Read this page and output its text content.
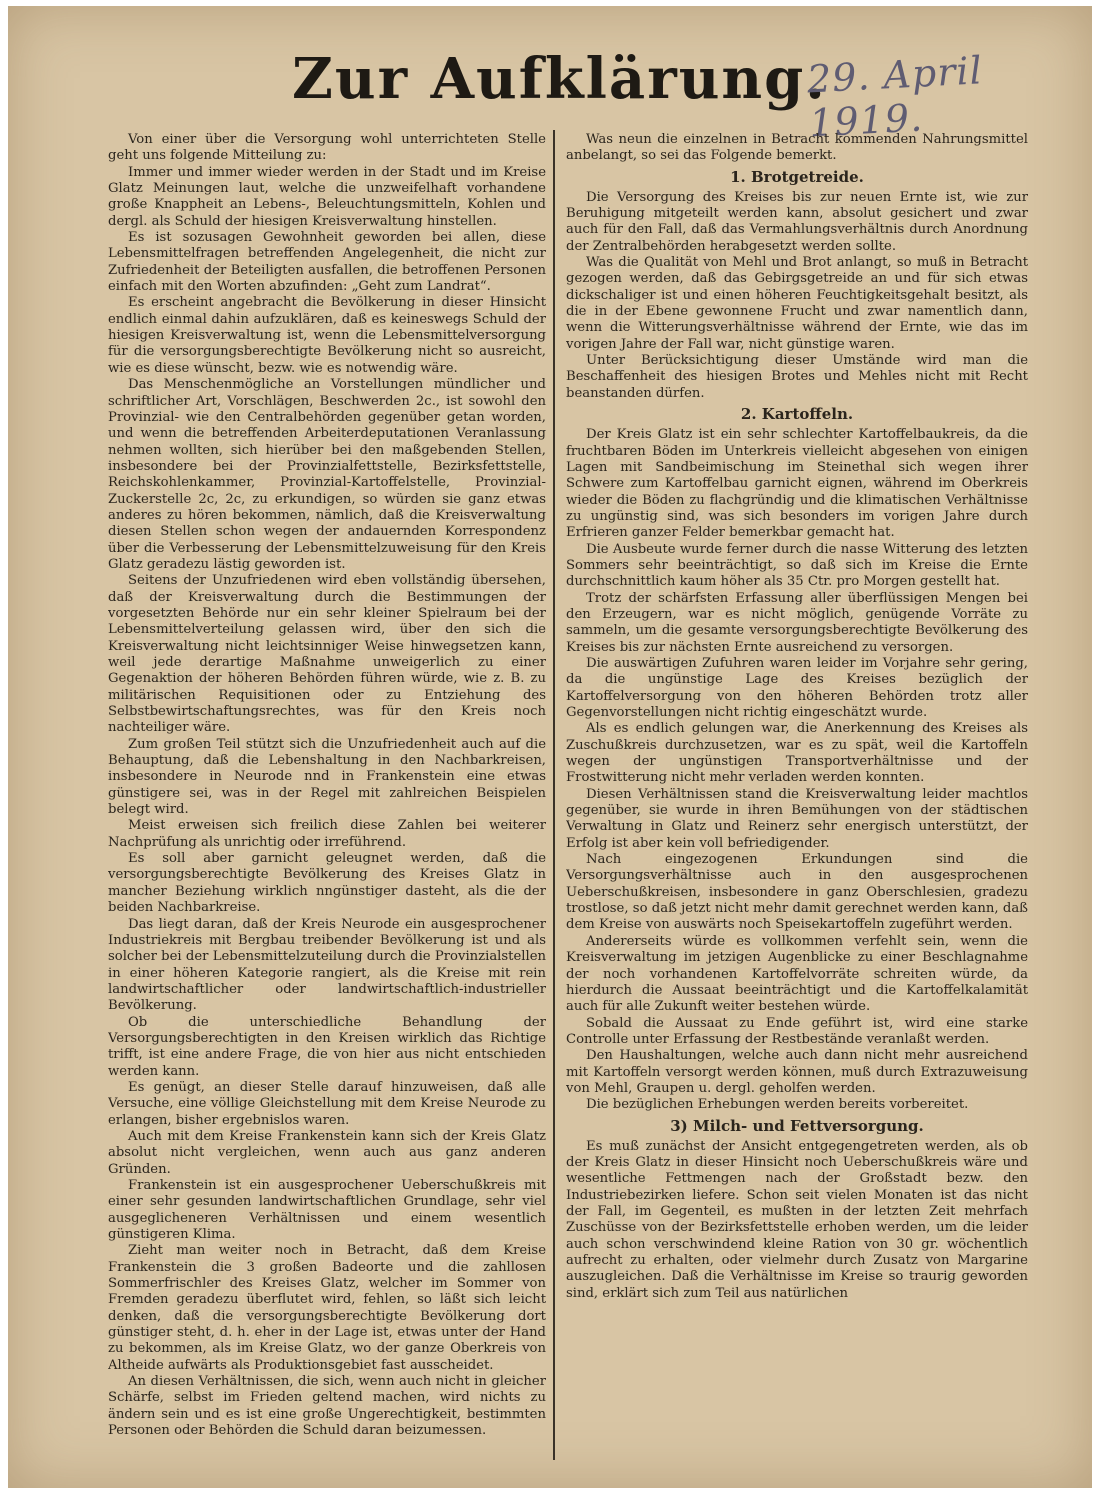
Zur Aufklärung.
29. April 1919.

Von einer über die Versorgung wohl unterrichteten Stelle geht uns folgende Mitteilung zu:

Immer und immer wieder werden in der Stadt und im Kreise Glatz Meinungen laut, welche die unzweifelhaft vorhandene große Knappheit an Lebens-, Beleuchtungsmitteln, Kohlen und dergl. als Schuld der hiesigen Kreisverwaltung hinstellen.

Es ist sozusagen Gewohnheit geworden bei allen, diese Lebensmittelfragen betreffenden Angelegenheit, die nicht zur Zufriedenheit der Beteiligten ausfallen, die betroffenen Personen einfach mit den Worten abzufinden: „Geht zum Landrat“.

Es erscheint angebracht die Bevölkerung in dieser Hinsicht endlich einmal dahin aufzuklären, daß es keineswegs Schuld der hiesigen Kreisverwaltung ist, wenn die Lebensmittelversorgung für die versorgungsberechtigte Bevölkerung nicht so ausreicht, wie es diese wünscht, bezw. wie es notwendig wäre.

Das Menschenmögliche an Vorstellungen mündlicher und schriftlicher Art, Vorschlägen, Beschwerden 2c., ist sowohl den Provinzial- wie den Centralbehörden gegenüber getan worden, und wenn die betreffenden Arbeiterdeputationen Veranlassung nehmen wollten, sich hierüber bei den maßgebenden Stellen, insbesondere bei der Provinzialfettstelle, Bezirksfettstelle, Reichskohlenkammer, Provinzial-Kartoffelstelle, Provinzial-Zuckerstelle 2c, 2c, zu erkundigen, so würden sie ganz etwas anderes zu hören bekommen, nämlich, daß die Kreisverwaltung diesen Stellen schon wegen der andauernden Korrespondenz über die Verbesserung der Lebensmittelzuweisung für den Kreis Glatz geradezu lästig geworden ist.

Seitens der Unzufriedenen wird eben vollständig übersehen, daß der Kreisverwaltung durch die Bestimmungen der vorgesetzten Behörde nur ein sehr kleiner Spielraum bei der Lebensmittelverteilung gelassen wird, über den sich die Kreisverwaltung nicht leichtsinniger Weise hinwegsetzen kann, weil jede derartige Maßnahme unweigerlich zu einer Gegenaktion der höheren Behörden führen würde, wie z. B. zu militärischen Requisitionen oder zu Entziehung des Selbstbewirtschaftungsrechtes, was für den Kreis noch nachteiliger wäre.

Zum großen Teil stützt sich die Unzufriedenheit auch auf die Behauptung, daß die Lebenshaltung in den Nachbarkreisen, insbesondere in Neurode nnd in Frankenstein eine etwas günstigere sei, was in der Regel mit zahlreichen Beispielen belegt wird.

Meist erweisen sich freilich diese Zahlen bei weiterer Nachprüfung als unrichtig oder irreführend.

Es soll aber garnicht geleugnet werden, daß die versorgungsberechtigte Bevölkerung des Kreises Glatz in mancher Beziehung wirklich nngünstiger dasteht, als die der beiden Nachbarkreise.

Das liegt daran, daß der Kreis Neurode ein ausgesprochener Industriekreis mit Bergbau treibender Bevölkerung ist und als solcher bei der Lebensmittelzuteilung durch die Provinzialstellen in einer höheren Kategorie rangiert, als die Kreise mit rein landwirtschaftlicher oder landwirtschaftlich-industrieller Bevölkerung.

Ob die unterschiedliche Behandlung der Versorgungsberechtigten in den Kreisen wirklich das Richtige trifft, ist eine andere Frage, die von hier aus nicht entschieden werden kann.

Es genügt, an dieser Stelle darauf hinzuweisen, daß alle Versuche, eine völlige Gleichstellung mit dem Kreise Neurode zu erlangen, bisher ergebnislos waren.

Auch mit dem Kreise Frankenstein kann sich der Kreis Glatz absolut nicht vergleichen, wenn auch aus ganz anderen Gründen.

Frankenstein ist ein ausgesprochener Ueberschußkreis mit einer sehr gesunden landwirtschaftlichen Grundlage, sehr viel ausgeglicheneren Verhältnissen und einem wesentlich günstigeren Klima.

Zieht man weiter noch in Betracht, daß dem Kreise Frankenstein die 3 großen Badeorte und die zahllosen Sommerfrischler des Kreises Glatz, welcher im Sommer von Fremden geradezu überflutet wird, fehlen, so läßt sich leicht denken, daß die versorgungsberechtigte Bevölkerung dort günstiger steht, d. h. eher in der Lage ist, etwas unter der Hand zu bekommen, als im Kreise Glatz, wo der ganze Oberkreis von Altheide aufwärts als Produktionsgebiet fast ausscheidet.

An diesen Verhältnissen, die sich, wenn auch nicht in gleicher Schärfe, selbst im Frieden geltend machen, wird nichts zu ändern sein und es ist eine große Ungerechtigkeit, bestimmten Personen oder Behörden die Schuld daran beizumessen.

Was neun die einzelnen in Betracht kommenden Nahrungsmittel anbelangt, so sei das Folgende bemerkt.

1. Brotgetreide.

Die Versorgung des Kreises bis zur neuen Ernte ist, wie zur Beruhigung mitgeteilt werden kann, absolut gesichert und zwar auch für den Fall, daß das Vermahlungsverhältnis durch Anordnung der Zentralbehörden herabgesetzt werden sollte.

Was die Qualität von Mehl und Brot anlangt, so muß in Betracht gezogen werden, daß das Gebirgsgetreide an und für sich etwas dickschaliger ist und einen höheren Feuchtigkeitsgehalt besitzt, als die in der Ebene gewonnene Frucht und zwar namentlich dann, wenn die Witterungsverhältnisse während der Ernte, wie das im vorigen Jahre der Fall war, nicht günstige waren.

Unter Berücksichtigung dieser Umstände wird man die Beschaffenheit des hiesigen Brotes und Mehles nicht mit Recht beanstanden dürfen.

2. Kartoffeln.

Der Kreis Glatz ist ein sehr schlechter Kartoffelbaukreis, da die fruchtbaren Böden im Unterkreis vielleicht abgesehen von einigen Lagen mit Sandbeimischung im Steinethal sich wegen ihrer Schwere zum Kartoffelbau garnicht eignen, während im Oberkreis wieder die Böden zu flachgründig und die klimatischen Verhältnisse zu ungünstig sind, was sich besonders im vorigen Jahre durch Erfrieren ganzer Felder bemerkbar gemacht hat.

Die Ausbeute wurde ferner durch die nasse Witterung des letzten Sommers sehr beeinträchtigt, so daß sich im Kreise die Ernte durchschnittlich kaum höher als 35 Ctr. pro Morgen gestellt hat.

Trotz der schärfsten Erfassung aller überflüssigen Mengen bei den Erzeugern, war es nicht möglich, genügende Vorräte zu sammeln, um die gesamte versorgungsberechtigte Bevölkerung des Kreises bis zur nächsten Ernte ausreichend zu versorgen.

Die auswärtigen Zufuhren waren leider im Vorjahre sehr gering, da die ungünstige Lage des Kreises bezüglich der Kartoffelversorgung von den höheren Behörden trotz aller Gegenvorstellungen nicht richtig eingeschätzt wurde.

Als es endlich gelungen war, die Anerkennung des Kreises als Zuschußkreis durchzusetzen, war es zu spät, weil die Kartoffeln wegen der ungünstigen Transportverhältnisse und der Frostwitterung nicht mehr verladen werden konnten.

Diesen Verhältnissen stand die Kreisverwaltung leider machtlos gegenüber, sie wurde in ihren Bemühungen von der städtischen Verwaltung in Glatz und Reinerz sehr energisch unterstützt, der Erfolg ist aber kein voll befriedigender.

Nach eingezogenen Erkundungen sind die Versorgungsverhältnisse auch in den ausgesprochenen Ueberschußkreisen, insbesondere in ganz Oberschlesien, gradezu trostlose, so daß jetzt nicht mehr damit gerechnet werden kann, daß dem Kreise von auswärts noch Speisekartoffeln zugeführt werden.

Andererseits würde es vollkommen verfehlt sein, wenn die Kreisverwaltung im jetzigen Augenblicke zu einer Beschlagnahme der noch vorhandenen Kartoffelvorräte schreiten würde, da hierdurch die Aussaat beeinträchtigt und die Kartoffelkalamität auch für alle Zukunft weiter bestehen würde.

Sobald die Aussaat zu Ende geführt ist, wird eine starke Controlle unter Erfassung der Restbestände veranlaßt werden.

Den Haushaltungen, welche auch dann nicht mehr ausreichend mit Kartoffeln versorgt werden können, muß durch Extrazuweisung von Mehl, Graupen u. dergl. geholfen werden.

Die bezüglichen Erhebungen werden bereits vorbereitet.

3) Milch- und Fettversorgung.

Es muß zunächst der Ansicht entgegengetreten werden, als ob der Kreis Glatz in dieser Hinsicht noch Ueberschußkreis wäre und wesentliche Fettmengen nach der Großstadt bezw. den Industriebezirken liefere. Schon seit vielen Monaten ist das nicht der Fall, im Gegenteil, es mußten in der letzten Zeit mehrfach Zuschüsse von der Bezirksfettstelle erhoben werden, um die leider auch schon verschwindend kleine Ration von 30 gr. wöchentlich aufrecht zu erhalten, oder vielmehr durch Zusatz von Margarine auszugleichen. Daß die Verhältnisse im Kreise so traurig geworden sind, erklärt sich zum Teil aus natürlichen
